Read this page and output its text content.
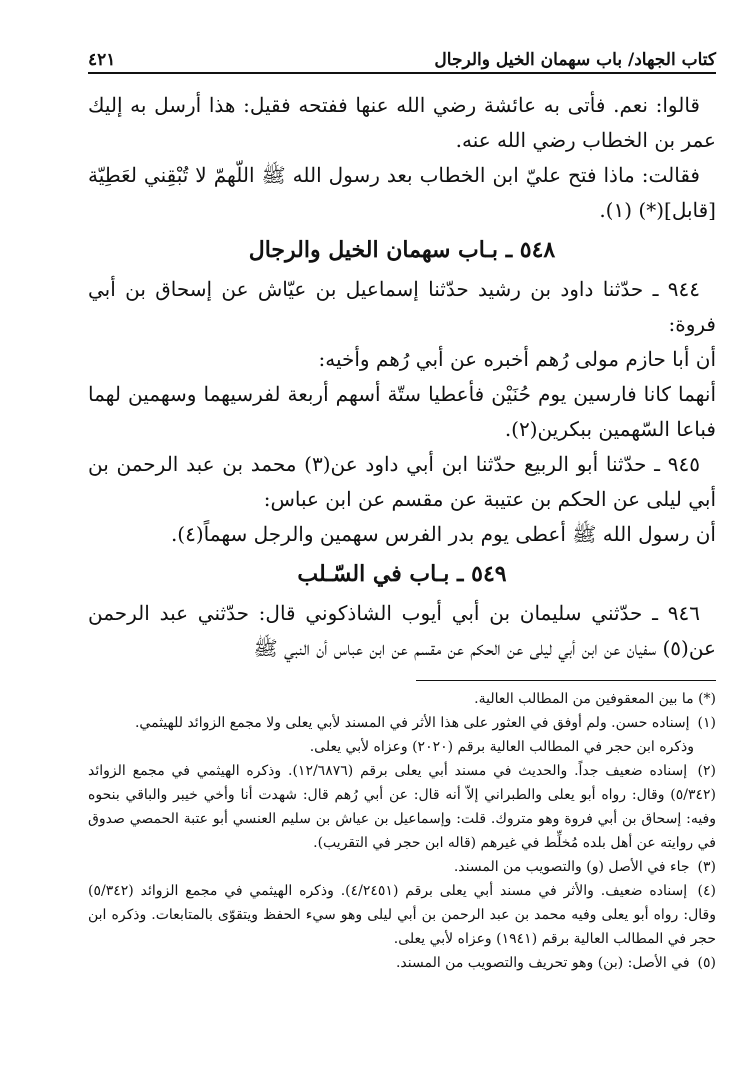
كتاب الجهاد/ باب سهمان الخيل والرجال
٤٢١

قالوا: نعم. فأتى به عائشة رضي الله عنها ففتحه فقيل: هذا أرسل به إليك عمر بن الخطاب رضي الله عنه.

فقالت: ماذا فتح عليّ ابن الخطاب بعد رسول الله ﷺ اللّهمّ لا تُبْقِني لعَطِيّة [قابل](*) (١).

٥٤٨ ـ بـاب سهمان الخيل والرجال

٩٤٤ ـ حدّثنا داود بن رشيد حدّثنا إسماعيل بن عيّاش عن إسحاق بن أبي فروة:

أن أبا حازم مولى رُهم أخبره عن أبي رُهم وأخيه:

أنهما كانا فارسين يوم حُنَيْن فأعطيا ستّة أسهم أربعة لفرسيهما وسهمين لهما فباعا السّهمين ببكرين(٢).

٩٤٥ ـ حدّثنا أبو الربيع حدّثنا ابن أبي داود عن(٣) محمد بن عبد الرحمن بن أبي ليلى عن الحكم بن عتيبة عن مقسم عن ابن عباس:

أن رسول الله ﷺ أعطى يوم بدر الفرس سهمين والرجل سهماً(٤).

٥٤٩ ـ بـاب في السّـلب

٩٤٦ ـ حدّثني سليمان بن أبي أيوب الشاذكوني قال: حدّثني عبد الرحمن عن(٥) سفيان عن ابن أبي ليلى عن الحكم عن مقسم عن ابن عباس أن النبي ﷺ

(*) ما بين المعقوفين من المطالب العالية.

(١) إسناده حسن. ولم أوفق في العثور على هذا الأثر في المسند لأبي يعلى ولا مجمع الزوائد للهيثمي.

وذكره ابن حجر في المطالب العالية برقم (٢٠٢٠) وعزاه لأبي يعلى.

(٢) إسناده ضعيف جداً. والحديث في مسند أبي يعلى برقم (١٢/٦٨٧٦). وذكره الهيثمي في مجمع الزوائد (٥/٣٤٢) وقال: رواه أبو يعلى والطبراني إلاّ أنه قال: عن أبي رُهم قال: شهدت أنا وأخي خيبر والباقي بنحوه وفيه: إسحاق بن أبي فروة وهو متروك. قلت: وإسماعيل بن عياش بن سليم العنسي أبو عتبة الحمصي صدوق في روايته عن أهل بلده مُخلِّط في غيرهم (قاله ابن حجر في التقريب).

(٣) جاء في الأصل (و) والتصويب من المسند.

(٤) إسناده ضعيف. والأثر في مسند أبي يعلى برقم (٤/٢٤٥١). وذكره الهيثمي في مجمع الزوائد (٥/٣٤٢) وقال: رواه أبو يعلى وفيه محمد بن عبد الرحمن بن أبي ليلى وهو سيء الحفظ ويتقوّى بالمتابعات. وذكره ابن حجر في المطالب العالية برقم (١٩٤١) وعزاه لأبي يعلى.

(٥) في الأصل: (بن) وهو تحريف والتصويب من المسند.
